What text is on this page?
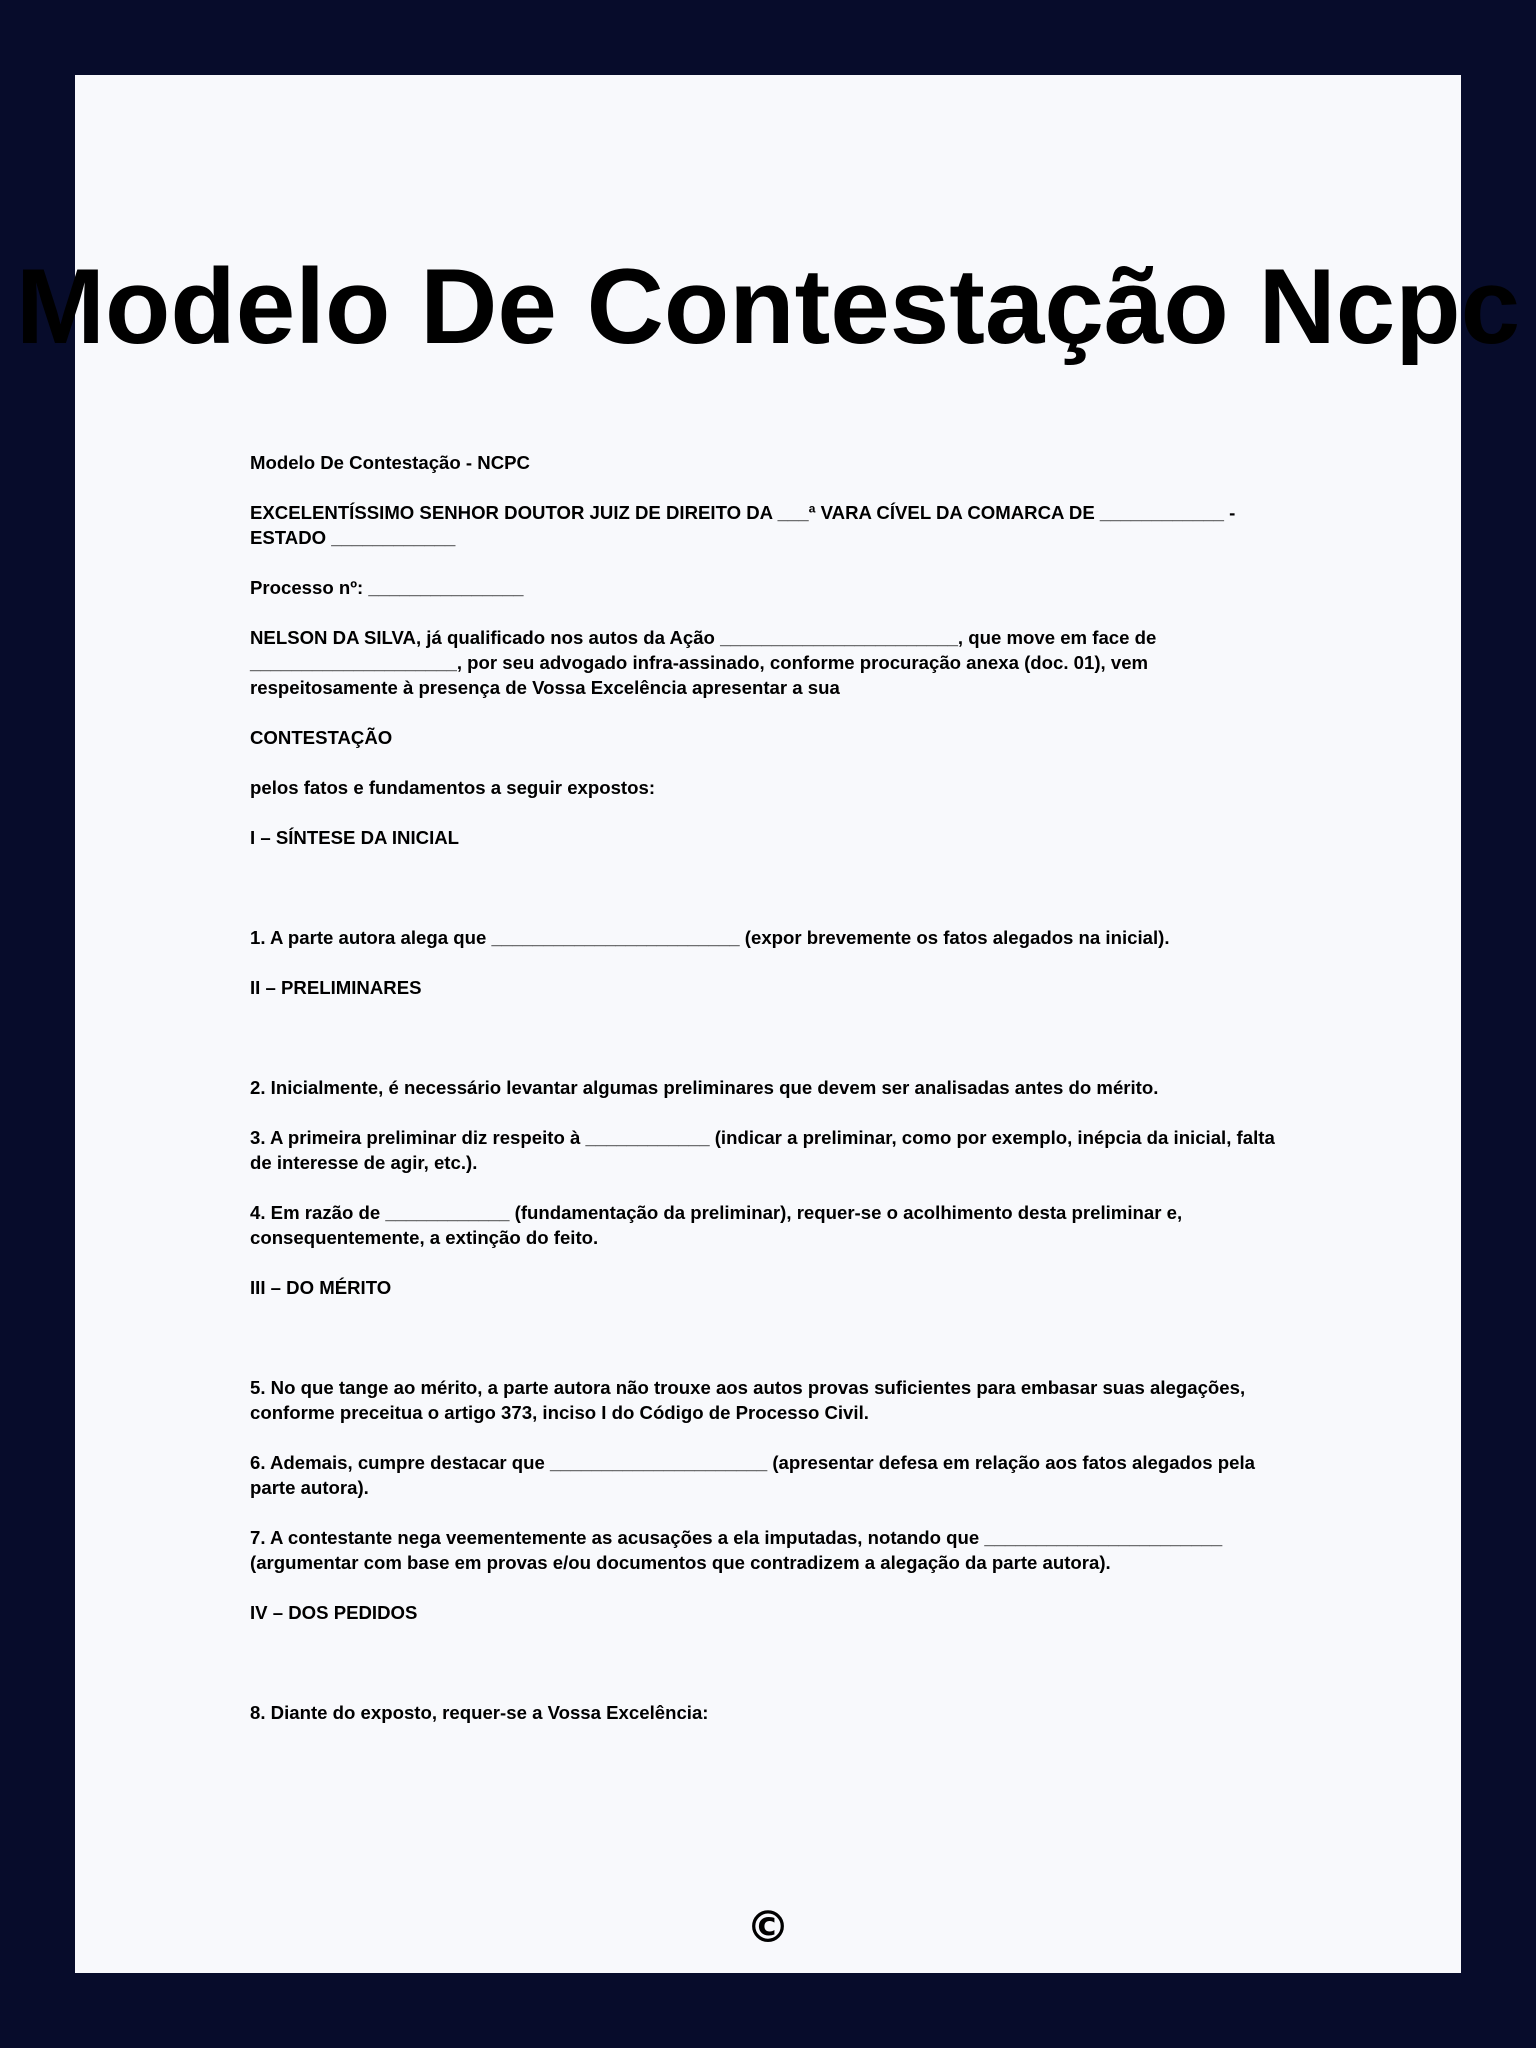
Modelo De Contestação Ncpc

Modelo De Contestação - NCPC

EXCELENTÍSSIMO SENHOR DOUTOR JUIZ DE DIREITO DA ___ª VARA CÍVEL DA COMARCA DE ____________ - ESTADO ____________

Processo nº: _______________

NELSON DA SILVA, já qualificado nos autos da Ação _______________________, que move em face de ____________________, por seu advogado infra-assinado, conforme procuração anexa (doc. 01), vem respeitosamente à presença de Vossa Excelência apresentar a sua

CONTESTAÇÃO

pelos fatos e fundamentos a seguir expostos:

I – SÍNTESE DA INICIAL

1. A parte autora alega que ________________________ (expor brevemente os fatos alegados na inicial).

II – PRELIMINARES

2. Inicialmente, é necessário levantar algumas preliminares que devem ser analisadas antes do mérito.

3. A primeira preliminar diz respeito à ____________ (indicar a preliminar, como por exemplo, inépcia da inicial, falta de interesse de agir, etc.).

4. Em razão de ____________ (fundamentação da preliminar), requer-se o acolhimento desta preliminar e, consequentemente, a extinção do feito.

III – DO MÉRITO

5. No que tange ao mérito, a parte autora não trouxe aos autos provas suficientes para embasar suas alegações, conforme preceitua o artigo 373, inciso I do Código de Processo Civil.

6. Ademais, cumpre destacar que _____________________ (apresentar defesa em relação aos fatos alegados pela parte autora).

7. A contestante nega veementemente as acusações a ela imputadas, notando que _______________________ (argumentar com base em provas e/ou documentos que contradizem a alegação da parte autora).

IV – DOS PEDIDOS

8. Diante do exposto, requer-se a Vossa Excelência:

©
